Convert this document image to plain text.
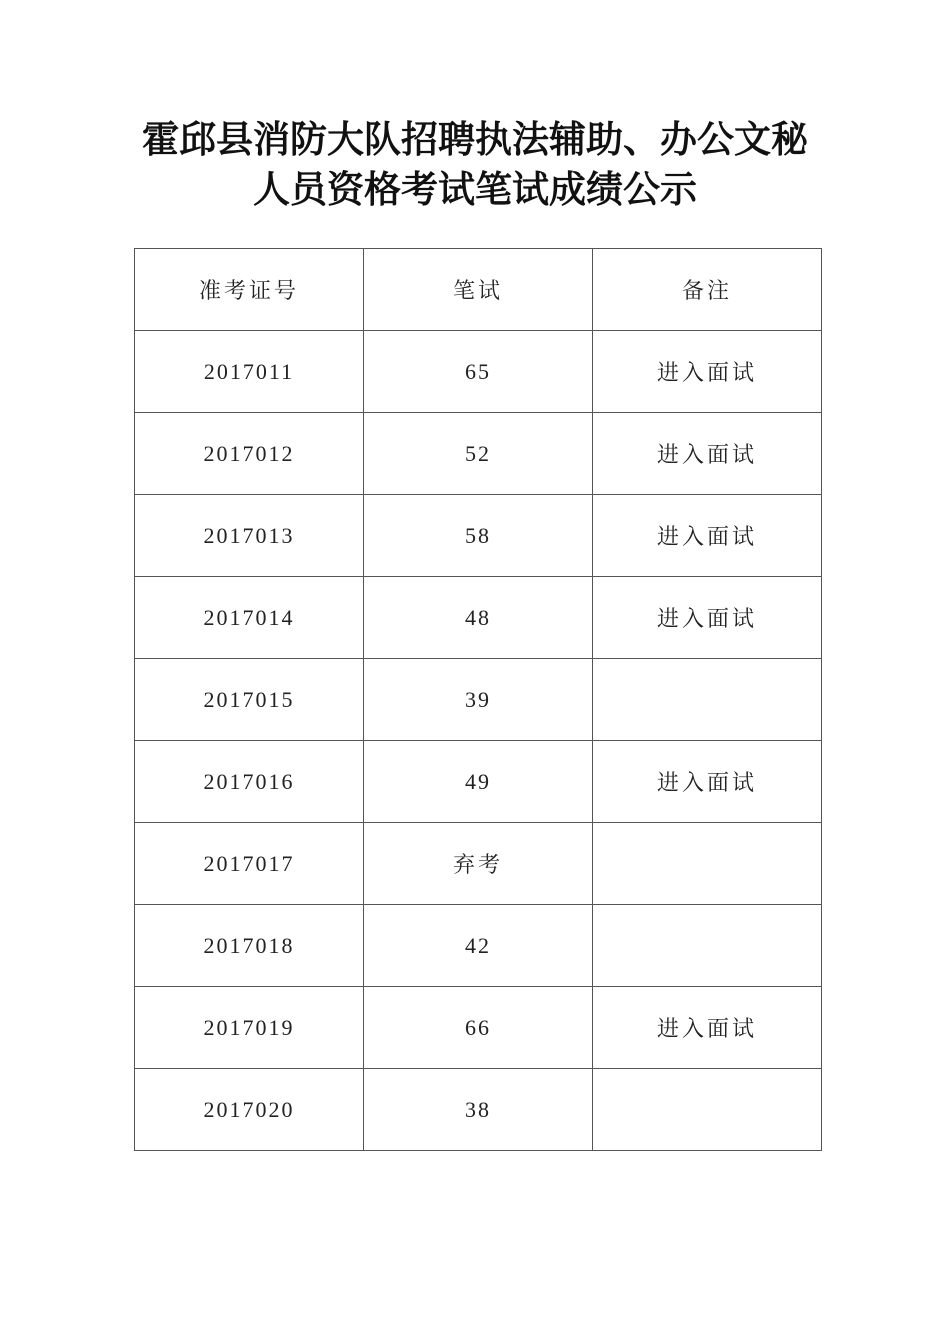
霍邱县消防大队招聘执法辅助、办公文秘
人员资格考试笔试成绩公示
准考证号	笔试	备注
2017011	65	进入面试
2017012	52	进入面试
2017013	58	进入面试
2017014	48	进入面试
2017015	39	
2017016	49	进入面试
2017017	弃考	
2017018	42	
2017019	66	进入面试
2017020	38	
